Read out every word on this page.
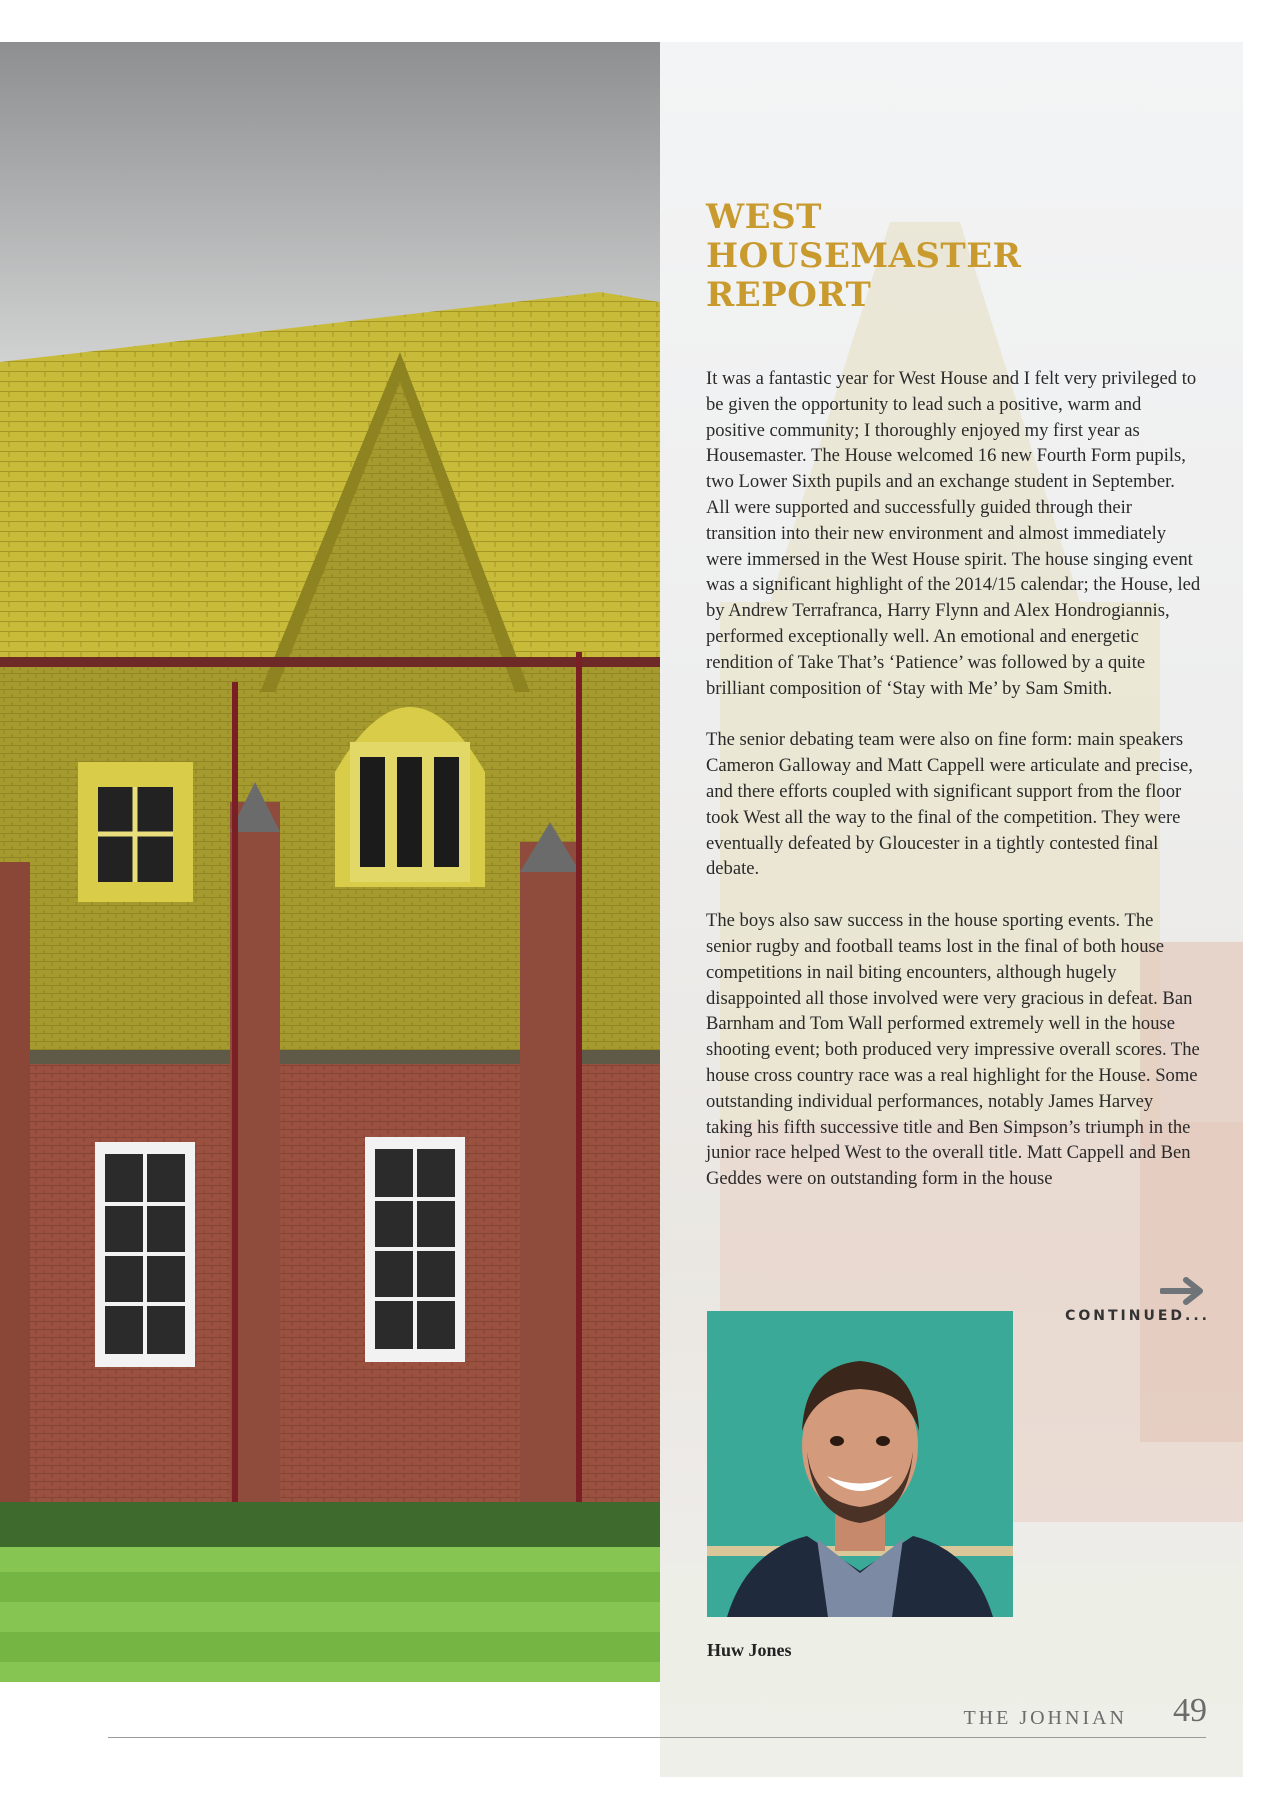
WEST
HOUSEMASTER
REPORT

It was a fantastic year for West House and I felt very privileged to be given the opportunity to lead such a positive, warm and positive community; I thoroughly enjoyed my first year as Housemaster. The House welcomed 16 new Fourth Form pupils, two Lower Sixth pupils and an exchange student in September. All were supported and successfully guided through their transition into their new environment and almost immediately were immersed in the West House spirit. The house singing event was a significant highlight of the 2014/15 calendar; the House, led by Andrew Terrafranca, Harry Flynn and Alex Hondrogiannis, performed exceptionally well. An emotional and energetic rendition of Take That’s ‘Patience’ was followed by a quite brilliant composition of ‘Stay with Me’ by Sam Smith.

The senior debating team were also on fine form: main speakers Cameron Galloway and Matt Cappell were articulate and precise, and there efforts coupled with significant support from the floor took West all the way to the final of the competition. They were eventually defeated by Gloucester in a tightly contested final debate.

The boys also saw success in the house sporting events. The senior rugby and football teams lost in the final of both house competitions in nail biting encounters, although hugely disappointed all those involved were very gracious in defeat. Ban Barnham and Tom Wall performed extremely well in the house shooting event; both produced very impressive overall scores. The house cross country race was a real highlight for the House. Some outstanding individual performances, notably James Harvey taking his fifth successive title and Ben Simpson’s triumph in the junior race helped West to the overall title. Matt Cappell and Ben Geddes were on outstanding form in the house

CONTINUED...
Huw Jones
THE JOHNIAN 49
